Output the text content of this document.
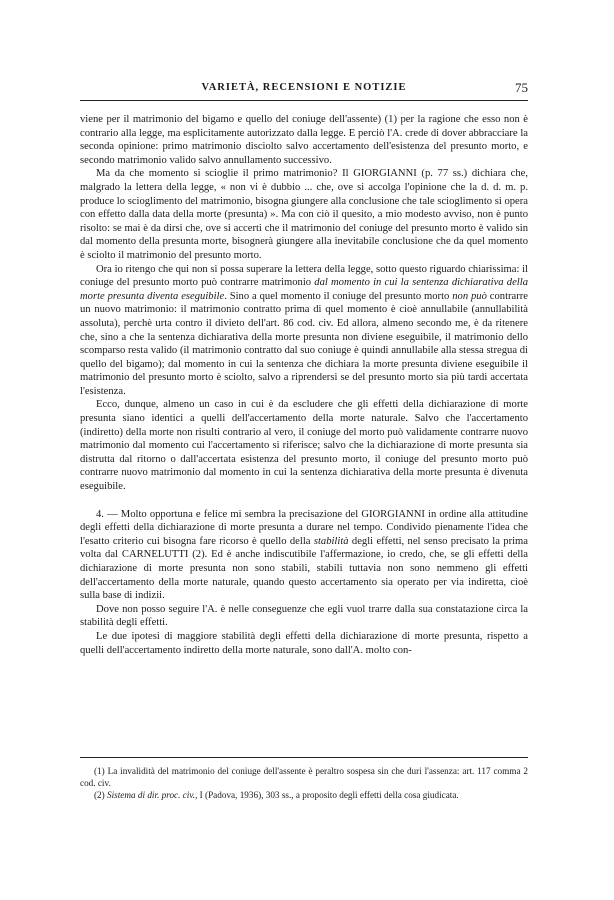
VARIETÀ, RECENSIONI E NOTIZIE	75

viene per il matrimonio del bigamo e quello del coniuge dell'assente) (1) per la ragione che esso non è contrario alla legge, ma esplicitamente autorizzato dalla legge. E perciò l'A. crede di dover abbracciare la seconda opinione: primo matrimonio disciolto salvo accertamento dell'esistenza del presunto morto, e secondo matrimonio valido salvo annullamento successivo.

Ma da che momento si scioglie il primo matrimonio? Il GIORGIANNI (p. 77 ss.) dichiara che, malgrado la lettera della legge, « non vi è dubbio ... che, ove si accolga l'opinione che la d. d. m. p. produce lo scioglimento del matrimonio, bisogna giungere alla conclusione che tale scioglimento si opera con effetto dalla data della morte (presunta) ». Ma con ciò il quesito, a mio modesto avviso, non è punto risolto: se mai è da dirsi che, ove si accerti che il matrimonio del coniuge del presunto morto è valido sin dal momento della presunta morte, bisognerà giungere alla inevitabile conclusione che da quel momento è sciolto il matrimonio del presunto morto.

Ora io ritengo che qui non si possa superare la lettera della legge, sotto questo riguardo chiarissima: il coniuge del presunto morto può contrarre matrimonio dal momento in cui la sentenza dichiarativa della morte presunta diventa eseguibile. Sino a quel momento il coniuge del presunto morto non può contrarre un nuovo matrimonio: il matrimonio contratto prima di quel momento è cioè annullabile (annullabilità assoluta), perchè urta contro il divieto dell'art. 86 cod. civ. Ed allora, almeno secondo me, è da ritenere che, sino a che la sentenza dichiarativa della morte presunta non diviene eseguibile, il matrimonio dello scomparso resta valido (il matrimonio contratto dal suo coniuge è quindi annullabile alla stessa stregua di quello del bigamo); dal momento in cui la sentenza che dichiara la morte presunta diviene eseguibile il matrimonio del presunto morto è sciolto, salvo a riprendersi se del presunto morto sia più tardi accertata l'esistenza.

Ecco, dunque, almeno un caso in cui è da escludere che gli effetti della dichiarazione di morte presunta siano identici a quelli dell'accertamento della morte naturale. Salvo che l'accertamento (indiretto) della morte non risulti contrario al vero, il coniuge del morto può validamente contrarre nuovo matrimonio dal momento cui l'accertamento si riferisce; salvo che la dichiarazione di morte presunta sia distrutta dal ritorno o dall'accertata esistenza del presunto morto, il coniuge del presunto morto può contrarre nuovo matrimonio dal momento in cui la sentenza dichiarativa della morte presunta è divenuta eseguibile.

4. — Molto opportuna e felice mi sembra la precisazione del GIORGIANNI in ordine alla attitudine degli effetti della dichiarazione di morte presunta a durare nel tempo. Condivido pienamente l'idea che l'esatto criterio cui bisogna fare ricorso è quello della stabilità degli effetti, nel senso precisato la prima volta dal CARNELUTTI (2). Ed è anche indiscutibile l'affermazione, io credo, che, se gli effetti della dichiarazione di morte presunta non sono stabili, stabili tuttavia non sono nemmeno gli effetti dell'accertamento della morte naturale, quando questo accertamento sia operato per via indiretta, cioè sulla base di indizii.

Dove non posso seguire l'A. è nelle conseguenze che egli vuol trarre dalla sua constatazione circa la stabilità degli effetti.

Le due ipotesi di maggiore stabilità degli effetti della dichiarazione di morte presunta, rispetto a quelli dell'accertamento indiretto della morte naturale, sono dall'A. molto con-

(1) La invalidità del matrimonio del coniuge dell'assente è peraltro sospesa sin che duri l'assenza: art. 117 comma 2 cod. civ.

(2) Sistema di dir. proc. civ., I (Padova, 1936), 303 ss., a proposito degli effetti della cosa giudicata.
